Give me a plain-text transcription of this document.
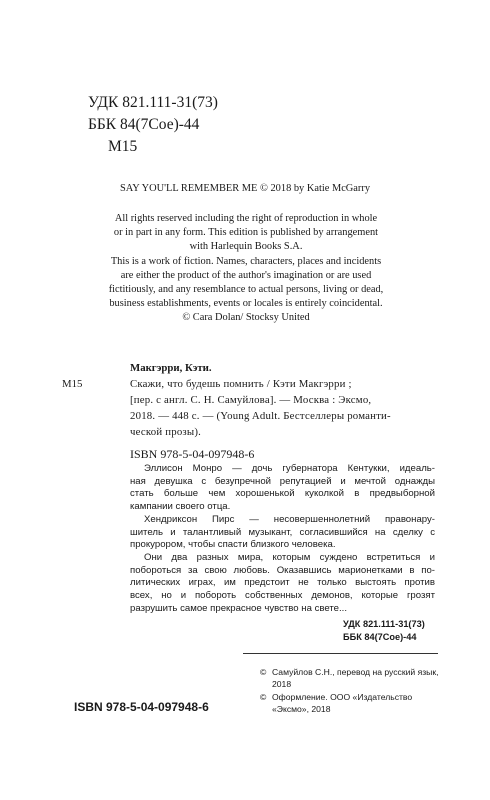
УДК 821.111-31(73)
ББК 84(7Сое)-44
М15
SAY YOU'LL REMEMBER ME © 2018 by Katie McGarry
All rights reserved including the right of reproduction in whole
or in part in any form. This edition is published by arrangement
with Harlequin Books S.A.
This is a work of fiction. Names, characters, places and incidents
are either the product of the author's imagination or are used
fictitiously, and any resemblance to actual persons, living or dead,
business establishments, events or locales is entirely coincidental.
© Cara Dolan/ Stocksy United
Макгэрри, Кэти.
М15	Скажи, что будешь помнить / Кэти Макгэрри ;
[пер. с англ. С. Н. Самуйлова]. — Москва : Эксмо,
2018. — 448 с. — (Young Adult. Бестселлеры романти-
ческой прозы).
ISBN 978-5-04-097948-6

Эллисон Монро — дочь губернатора Кентукки, идеаль-
ная девушка с безупречной репутацией и мечтой однажды
стать больше чем хорошенькой куколкой в предвыборной
кампании своего отца.

Хендриксон Пирс — несовершеннолетний правонару-
шитель и талантливый музыкант, согласившийся на сделку с
прокурором, чтобы спасти близкого человека.

Они два разных мира, которым суждено встретиться и
побороться за свою любовь. Оказавшись марионетками в по-
литических играх, им предстоит не только выстоять против
всех, но и побороть собственных демонов, которые грозят
разрушить самое прекрасное чувство на свете...

УДК 821.111-31(73)
ББК 84(7Сое)-44
© Самуйлов С.Н., перевод на русский язык,
2018
© Оформление. ООО «Издательство
«Эксмо», 2018
ISBN 978-5-04-097948-6
